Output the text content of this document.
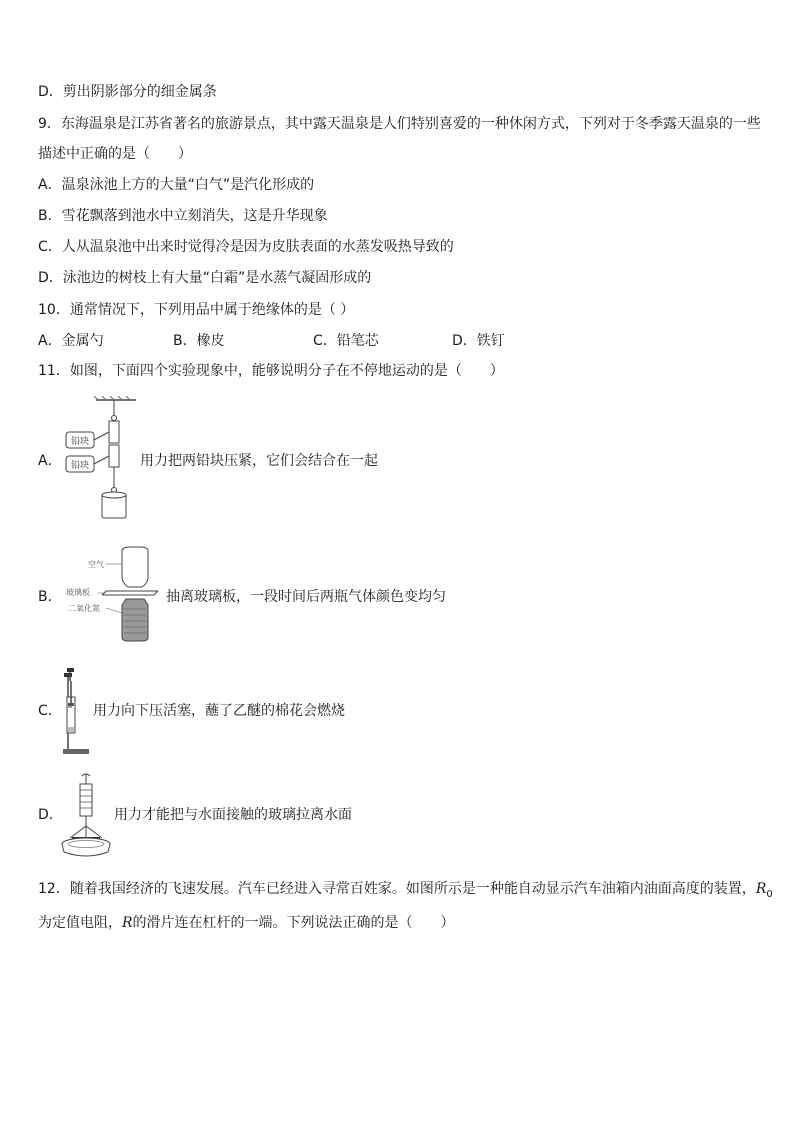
D．剪出阴影部分的细金属条
9．东海温泉是江苏省著名的旅游景点，其中露天温泉是人们特别喜爱的一种休闲方式，下列对于冬季露天温泉的一些
描述中正确的是（　　）
A．温泉泳池上方的大量“白气”是汽化形成的
B．雪花飘落到池水中立刻消失，这是升华现象
C．人从温泉池中出来时觉得冷是因为皮肤表面的水蒸发吸热导致的
D．泳池边的树枝上有大量“白霜”是水蒸气凝固形成的
10．通常情况下，下列用品中属于绝缘体的是（ ）
A．金属勺	B．橡皮	C．铅笔芯	D．铁钉
11．如图，下面四个实验现象中，能够说明分子在不停地运动的是（　　）
A．
铅块
铅块	用力把两铅块压紧，它们会结合在一起
B．
空气
玻璃板
二氧化氮
抽离玻璃板，一段时间后两瓶气体颜色变均匀
C． 用力向下压活塞，蘸了乙醚的棉花会燃烧
D．	用力才能把与水面接触的玻璃拉离水面
12．随着我国经济的飞速发展。汽车已经进入寻常百姓家。如图所示是一种能自动显示汽车油箱内油面高度的装置，$R_0$
为定值电阻，R的滑片连在杠杆的一端。下列说法正确的是（　　）
